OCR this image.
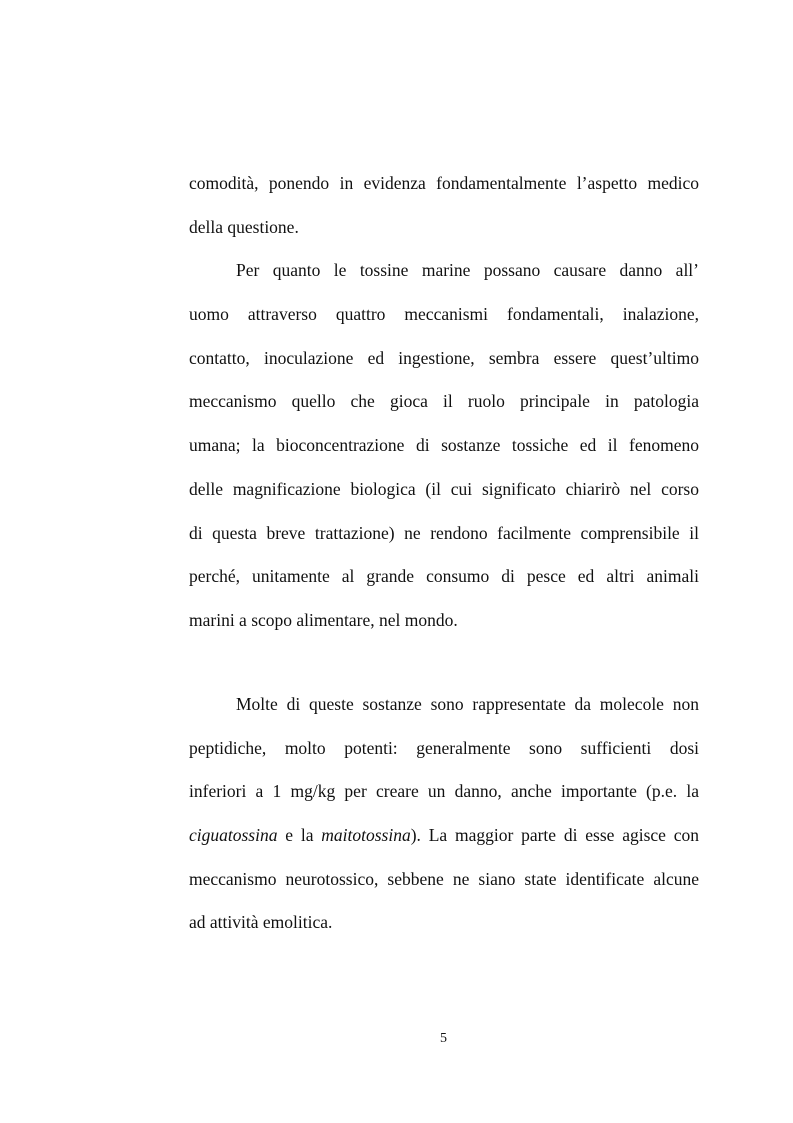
comodità, ponendo in evidenza fondamentalmente l’aspetto medico
della questione.
Per quanto le tossine marine possano causare danno all’
uomo attraverso quattro meccanismi fondamentali, inalazione,
contatto, inoculazione ed ingestione, sembra essere quest’ultimo
meccanismo quello che gioca il ruolo principale in patologia
umana; la bioconcentrazione di sostanze tossiche ed il fenomeno
delle magnificazione biologica (il cui significato chiarirò nel corso
di questa breve trattazione) ne rendono facilmente comprensibile il
perché, unitamente al grande consumo di pesce ed altri animali
marini a scopo alimentare, nel mondo.
Molte di queste sostanze sono rappresentate da molecole non
peptidiche, molto potenti: generalmente sono sufficienti dosi
inferiori a 1 mg/kg per creare un danno, anche importante (p.e. la
ciguatossina e la maitotossina). La maggior parte di esse agisce con
meccanismo neurotossico, sebbene ne siano state identificate alcune
ad attività emolitica.
5
